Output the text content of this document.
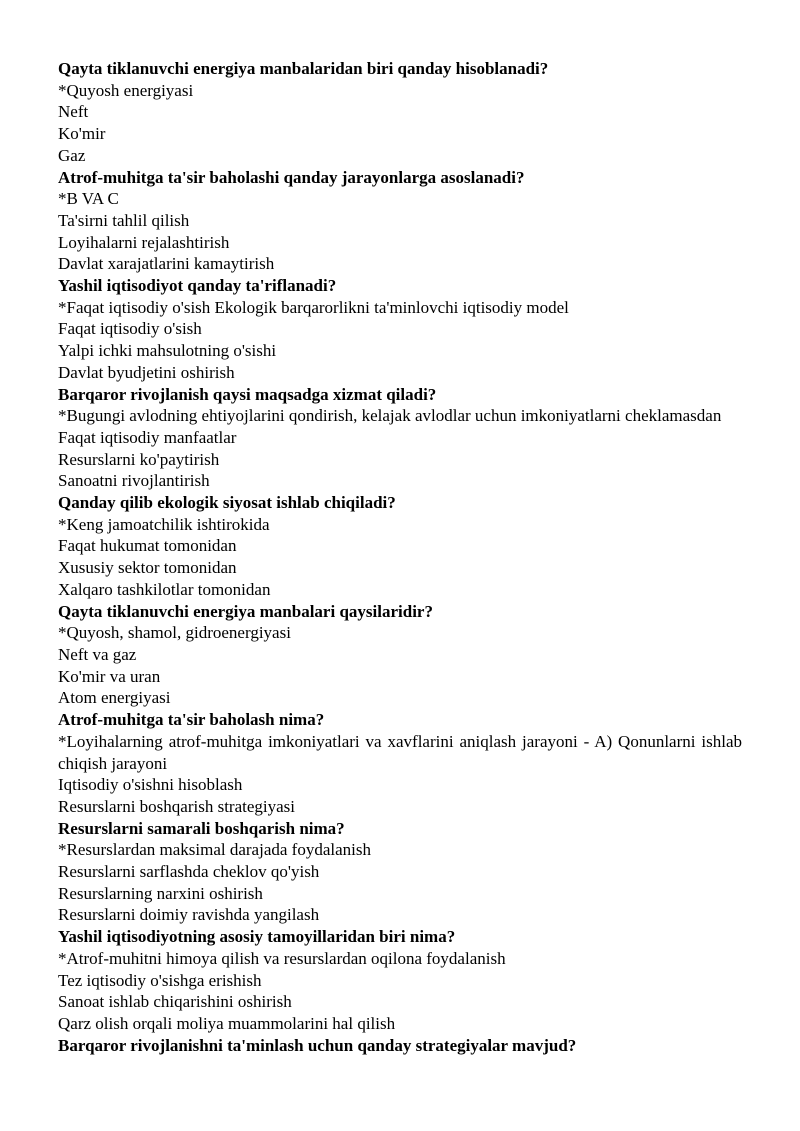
Qayta tiklanuvchi energiya manbalaridan biri qanday hisoblanadi?

*Quyosh energiyasi

Neft

Ko'mir

Gaz

Atrof-muhitga ta'sir baholashi qanday jarayonlarga asoslanadi?

*B VA C

Ta'sirni tahlil qilish

Loyihalarni rejalashtirish

Davlat xarajatlarini kamaytirish

Yashil iqtisodiyot qanday ta'riflanadi?

*Faqat iqtisodiy o'sish Ekologik barqarorlikni ta'minlovchi iqtisodiy model

Faqat iqtisodiy o'sish

Yalpi ichki mahsulotning o'sishi

Davlat byudjetini oshirish

Barqaror rivojlanish qaysi maqsadga xizmat qiladi?

*Bugungi avlodning ehtiyojlarini qondirish, kelajak avlodlar uchun imkoniyatlarni cheklamasdan

Faqat iqtisodiy manfaatlar

Resurslarni ko'paytirish

Sanoatni rivojlantirish

Qanday qilib ekologik siyosat ishlab chiqiladi?

*Keng jamoatchilik ishtirokida

Faqat hukumat tomonidan

Xususiy sektor tomonidan

Xalqaro tashkilotlar tomonidan

Qayta tiklanuvchi energiya manbalari qaysilaridir?

*Quyosh, shamol, gidroenergiyasi

Neft va gaz

Ko'mir va uran

Atom energiyasi

Atrof-muhitga ta'sir baholash nima?

*Loyihalarning atrof-muhitga imkoniyatlari va xavflarini aniqlash jarayoni - A) Qonunlarni ishlab chiqish jarayoni

Iqtisodiy o'sishni hisoblash

Resurslarni boshqarish strategiyasi

Resurslarni samarali boshqarish nima?

*Resurslardan maksimal darajada foydalanish

Resurslarni sarflashda cheklov qo'yish

Resurslarning narxini oshirish

Resurslarni doimiy ravishda yangilash

Yashil iqtisodiyotning asosiy tamoyillaridan biri nima?

*Atrof-muhitni himoya qilish va resurslardan oqilona foydalanish

Tez iqtisodiy o'sishga erishish

Sanoat ishlab chiqarishini oshirish

Qarz olish orqali moliya muammolarini hal qilish

Barqaror rivojlanishni ta'minlash uchun qanday strategiyalar mavjud?
